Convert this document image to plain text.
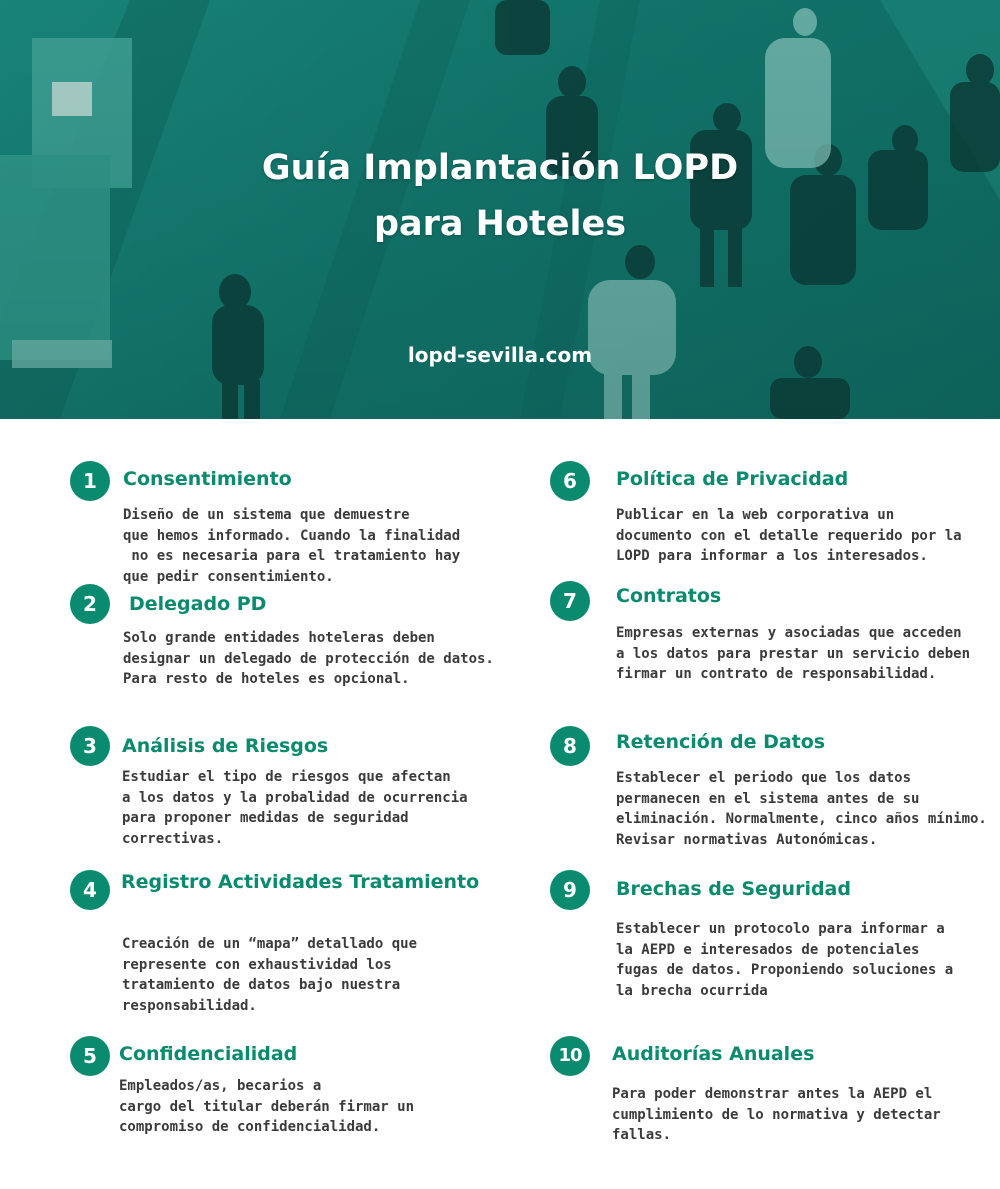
Guía Implantación LOPD
para Hoteles
lopd-sevilla.com
1	Consentimiento
Diseño de un sistema que demuestre
que hemos informado. Cuando la finalidad
no es necesaria para el tratamiento hay
que pedir consentimiento.
2	Delegado PD
Solo grande entidades hoteleras deben
designar un delegado de protección de datos.
Para resto de hoteles es opcional.
3	Análisis de Riesgos
Estudiar el tipo de riesgos que afectan
a los datos y la probalidad de ocurrencia
para proponer medidas de seguridad
correctivas.
4	Registro Actividades Tratamiento
Creación de un “mapa” detallado que
represente con exhaustividad los
tratamiento de datos bajo nuestra
responsabilidad.
5	Confidencialidad
Empleados/as, becarios a
cargo del titular deberán firmar un
compromiso de confidencialidad.
6	Política de Privacidad
Publicar en la web corporativa un
documento con el detalle requerido por la
LOPD para informar a los interesados.
7	Contratos
Empresas externas y asociadas que acceden
a los datos para prestar un servicio deben
firmar un contrato de responsabilidad.
8	Retención de Datos
Establecer el periodo que los datos
permanecen en el sistema antes de su
eliminación. Normalmente, cinco años mínimo.
Revisar normativas Autonómicas.
9	Brechas de Seguridad
Establecer un protocolo para informar a
la AEPD e interesados de potenciales
fugas de datos. Proponiendo soluciones a
la brecha ocurrida
10	Auditorías Anuales
Para poder demonstrar antes la AEPD el
cumplimiento de lo normativa y detectar
fallas.
